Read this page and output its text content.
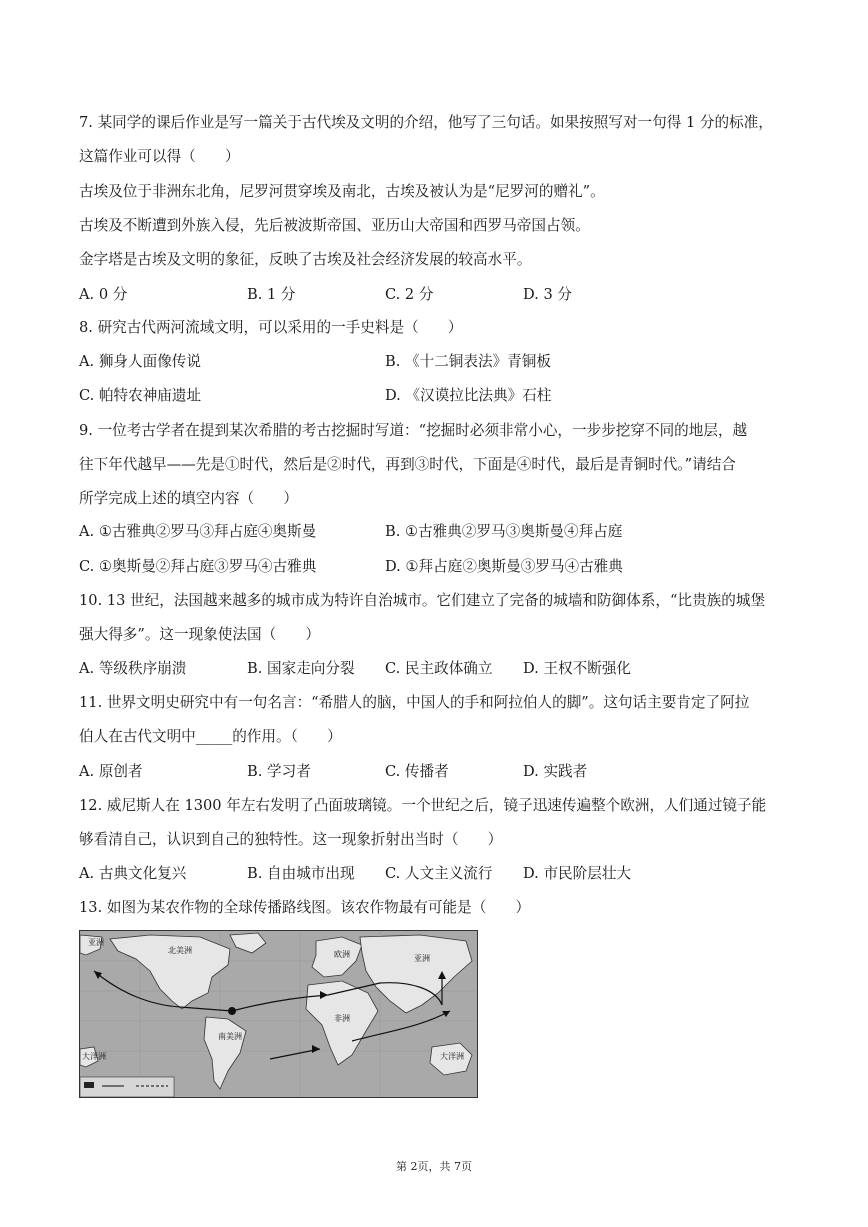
7. 某同学的课后作业是写一篇关于古代埃及文明的介绍，他写了三句话。如果按照写对一句得 1 分的标准，
这篇作业可以得（　　）
古埃及位于非洲东北角，尼罗河贯穿埃及南北，古埃及被认为是“尼罗河的赠礼”。
古埃及不断遭到外族入侵，先后被波斯帝国、亚历山大帝国和西罗马帝国占领。
金字塔是古埃及文明的象征，反映了古埃及社会经济发展的较高水平。
A. 0 分	B. 1 分	C. 2 分	D. 3 分
8. 研究古代两河流域文明，可以采用的一手史料是（　　）
A. 狮身人面像传说	B. 《十二铜表法》青铜板
C. 帕特农神庙遗址	D. 《汉谟拉比法典》石柱
9. 一位考古学者在提到某次希腊的考古挖掘时写道：“挖掘时必须非常小心，一步步挖穿不同的地层，越
往下年代越早——先是①时代，然后是②时代，再到③时代，下面是④时代，最后是青铜时代。”请结合
所学完成上述的填空内容（　　）
A. ①古雅典②罗马③拜占庭④奥斯曼	B. ①古雅典②罗马③奥斯曼④拜占庭
C. ①奥斯曼②拜占庭③罗马④古雅典	D. ①拜占庭②奥斯曼③罗马④古雅典
10. 13 世纪，法国越来越多的城市成为特许自治城市。它们建立了完备的城墙和防御体系，“比贵族的城堡
强大得多”。这一现象使法国（　　）
A. 等级秩序崩溃	B. 国家走向分裂 C. 民主政体确立 D. 王权不断强化
11. 世界文明史研究中有一句名言：“希腊人的脑，中国人的手和阿拉伯人的脚”。这句话主要肯定了阿拉
伯人在古代文明中_____的作用。（　　）
A. 原创者	B. 学习者	C. 传播者	D. 实践者
12. 威尼斯人在 1300 年左右发明了凸面玻璃镜。一个世纪之后，镜子迅速传遍整个欧洲，人们通过镜子能
够看清自己，认识到自己的独特性。这一现象折射出当时（　　）
A. 古典文化复兴	B. 自由城市出现 C. 人文主义流行 D. 市民阶层壮大
13. 如图为某农作物的全球传播路线图。该农作物最有可能是（　　）
亚洲
北美洲	欧洲	亚洲
非洲
南美洲
大洋洲	大洋洲
第 2页，共 7页
